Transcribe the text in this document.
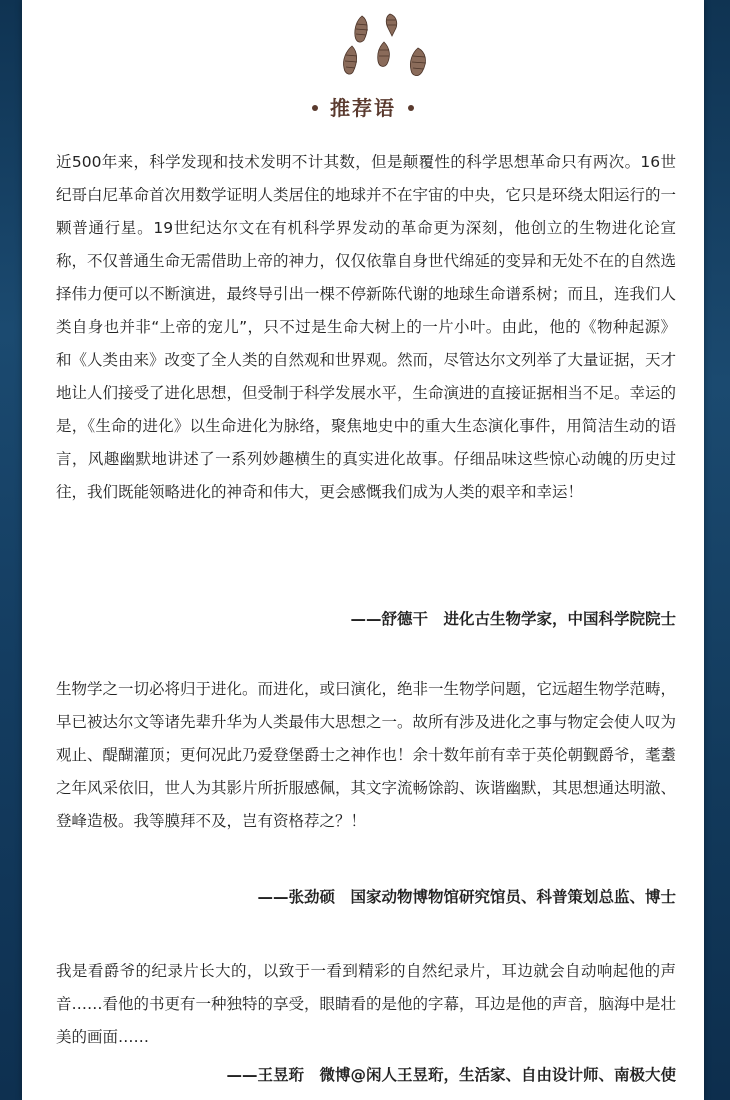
推荐语

近500年来，科学发现和技术发明不计其数，但是颠覆性的科学思想革命只有两次。16世纪哥白尼革命首次用数学证明人类居住的地球并不在宇宙的中央，它只是环绕太阳运行的一颗普通行星。19世纪达尔文在有机科学界发动的革命更为深刻，他创立的生物进化论宣称，不仅普通生命无需借助上帝的神力，仅仅依靠自身世代绵延的变异和无处不在的自然选择伟力便可以不断演进，最终导引出一棵不停新陈代谢的地球生命谱系树；而且，连我们人类自身也并非“上帝的宠儿”，只不过是生命大树上的一片小叶。由此，他的《物种起源》和《人类由来》改变了全人类的自然观和世界观。然而，尽管达尔文列举了大量证据，天才地让人们接受了进化思想，但受制于科学发展水平，生命演进的直接证据相当不足。幸运的是，《生命的进化》以生命进化为脉络，聚焦地史中的重大生态演化事件，用简洁生动的语言，风趣幽默地讲述了一系列妙趣横生的真实进化故事。仔细品味这些惊心动魄的历史过往，我们既能领略进化的神奇和伟大，更会感慨我们成为人类的艰辛和幸运！

——舒德干　进化古生物学家，中国科学院院士

生物学之一切必将归于进化。而进化，或曰演化，绝非一生物学问题，它远超生物学范畴，早已被达尔文等诸先辈升华为人类最伟大思想之一。故所有涉及进化之事与物定会使人叹为观止、醍醐灌顶；更何况此乃爱登堡爵士之神作也！余十数年前有幸于英伦朝觐爵爷，耄耋之年风采依旧，世人为其影片所折服感佩，其文字流畅馀韵、诙谐幽默，其思想通达明澈、登峰造极。我等膜拜不及，岂有资格荐之？！

——张劲硕　国家动物博物馆研究馆员、科普策划总监、博士

我是看爵爷的纪录片长大的，以致于一看到精彩的自然纪录片，耳边就会自动响起他的声音……看他的书更有一种独特的享受，眼睛看的是他的字幕，耳边是他的声音，脑海中是壮美的画面……

——王昱珩　微博@闲人王昱珩，生活家、自由设计师、南极大使
